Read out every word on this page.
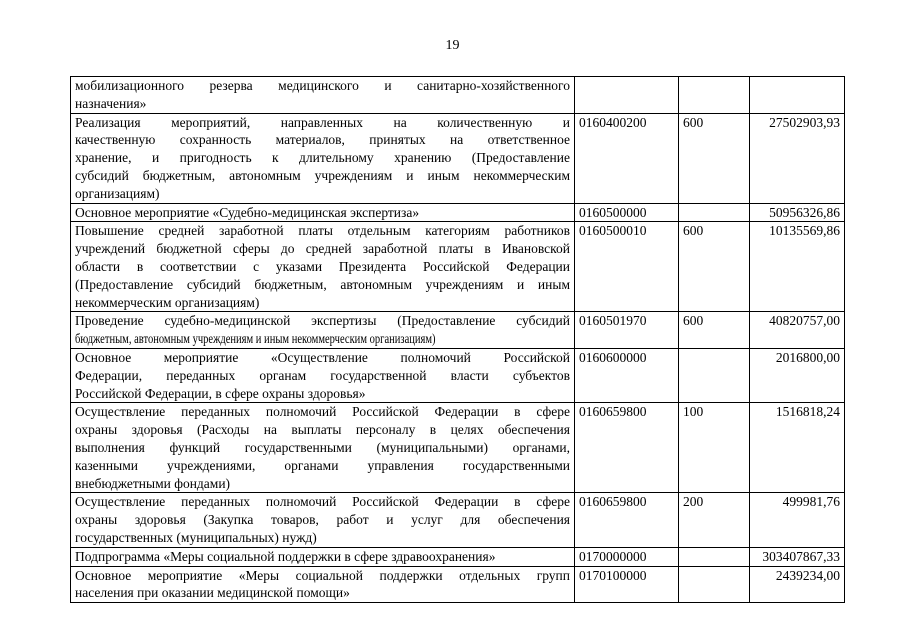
19
мобилизационного резерва медицинского и санитарно-хозяйственного
назначения»			

Реализация мероприятий, направленных на количественную и
качественную сохранность материалов, принятых на ответственное
хранение, и пригодность к длительному хранению (Предоставление
субсидий бюджетным, автономным учреждениям и иным некоммерческим
организациям)	0160400200	600	27502903,93

Основное мероприятие «Судебно-медицинская экспертиза»	0160500000		50956326,86

Повышение средней заработной платы отдельным категориям работников
учреждений бюджетной сферы до средней заработной платы в Ивановской
области в соответствии с указами Президента Российской Федерации
(Предоставление субсидий бюджетным, автономным учреждениям и иным
некоммерческим организациям)	0160500010	600	10135569,86

Проведение судебно-медицинской экспертизы (Предоставление субсидий
бюджетным, автономным учреждениям и иным некоммерческим организациям)	0160501970	600	40820757,00

Основное мероприятие «Осуществление полномочий Российской
Федерации, переданных органам государственной власти субъектов
Российской Федерации, в сфере охраны здоровья»	0160600000		2016800,00

Осуществление переданных полномочий Российской Федерации в сфере
охраны здоровья (Расходы на выплаты персоналу в целях обеспечения
выполнения функций государственными (муниципальными) органами,
казенными учреждениями, органами управления государственными
внебюджетными фондами)	0160659800	100	1516818,24

Осуществление переданных полномочий Российской Федерации в сфере
охраны здоровья (Закупка товаров, работ и услуг для обеспечения
государственных (муниципальных) нужд)	0160659800	200	499981,76

Подпрограмма «Меры социальной поддержки в сфере здравоохранения»	0170000000		303407867,33

Основное мероприятие «Меры социальной поддержки отдельных групп
населения при оказании медицинской помощи»	0170100000		2439234,00
